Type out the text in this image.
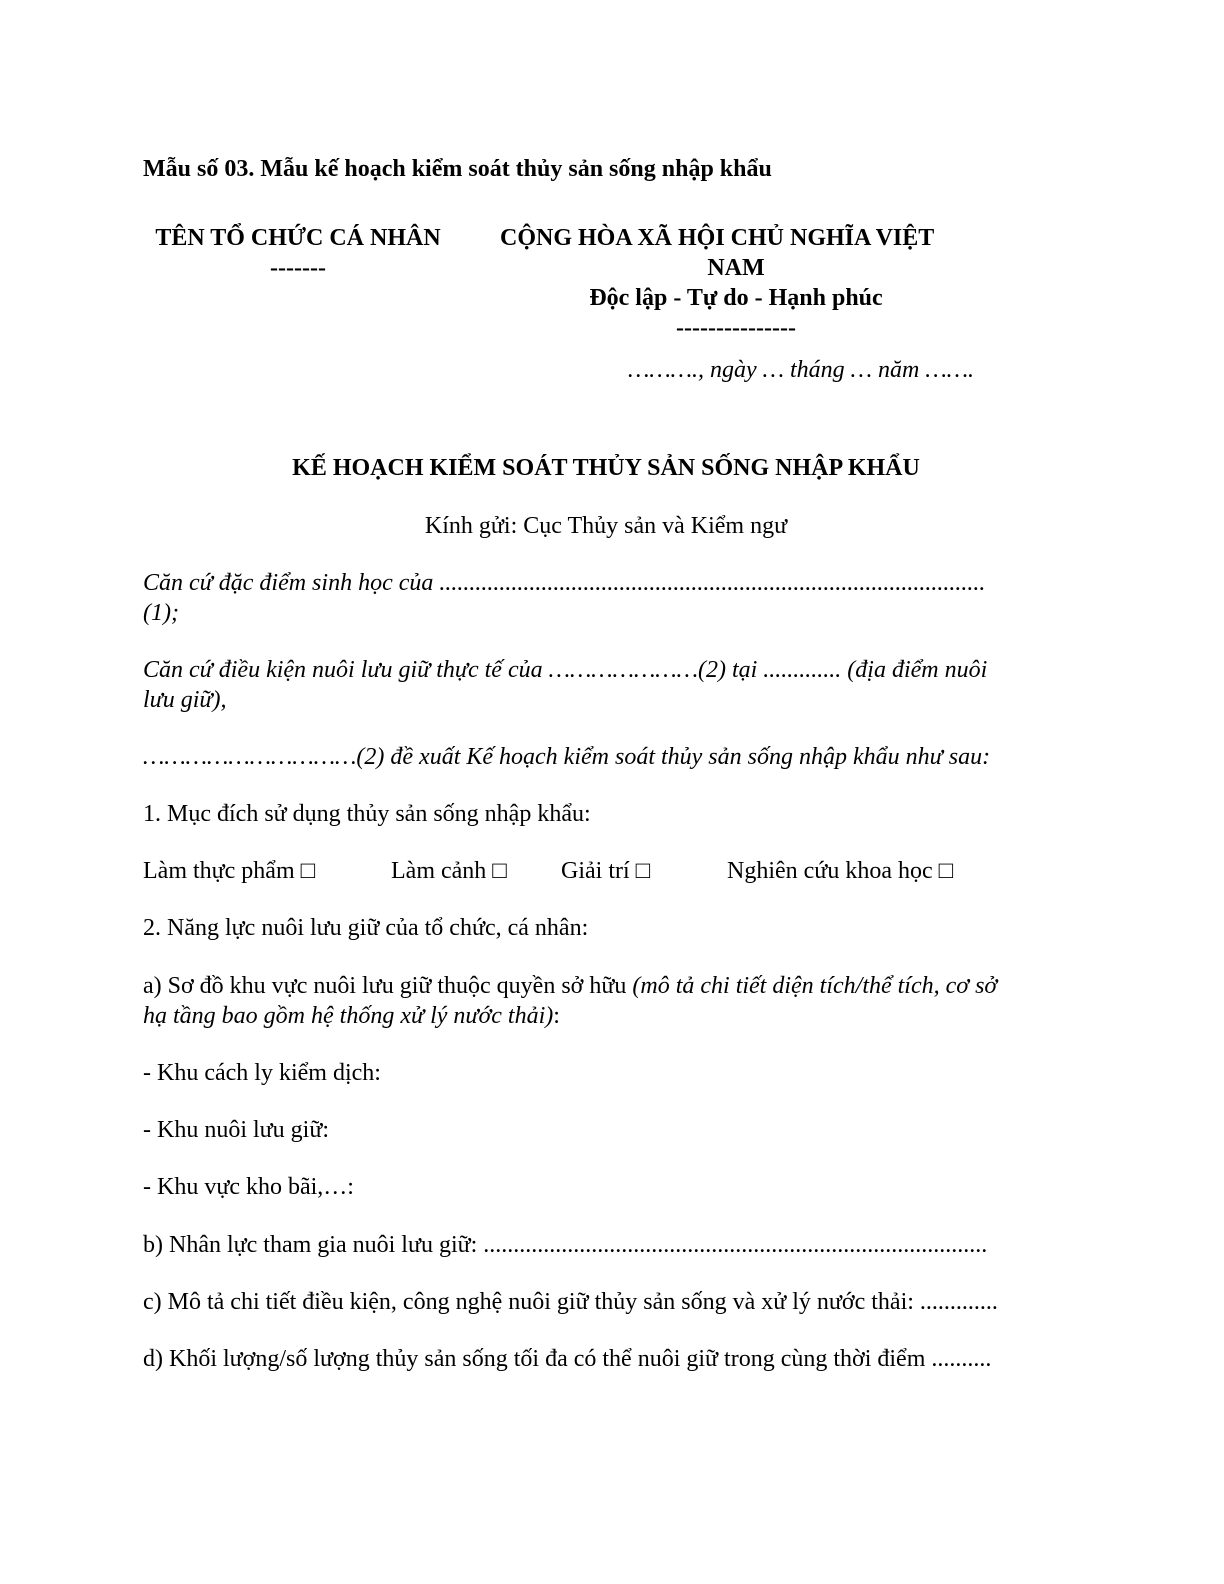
Mẫu số 03. Mẫu kế hoạch kiểm soát thủy sản sống nhập khẩu
TÊN TỔ CHỨC CÁ NHÂN
-------
CỘNG HÒA XÃ HỘI CHỦ NGHĨA VIỆT
NAM
Độc lập - Tự do - Hạnh phúc
---------------
………., ngày … tháng … năm …….
KẾ HOẠCH KIỂM SOÁT THỦY SẢN SỐNG NHẬP KHẨU
Kính gửi: Cục Thủy sản và Kiểm ngư
Căn cứ đặc điểm sinh học của ...........................................................................................
(1);
Căn cứ điều kiện nuôi lưu giữ thực tế của …………………(2) tại ............. (địa điểm nuôi
lưu giữ),
…………………………(2) đề xuất Kế hoạch kiểm soát thủy sản sống nhập khẩu như sau:
1. Mục đích sử dụng thủy sản sống nhập khẩu:
Làm thực phẩm □	Làm cảnh □ Giải trí □	Nghiên cứu khoa học □
2. Năng lực nuôi lưu giữ của tổ chức, cá nhân:
a) Sơ đồ khu vực nuôi lưu giữ thuộc quyền sở hữu (mô tả chi tiết diện tích/thể tích, cơ sở
hạ tầng bao gồm hệ thống xử lý nước thải):
- Khu cách ly kiểm dịch:
- Khu nuôi lưu giữ:
- Khu vực kho bãi,…:
b) Nhân lực tham gia nuôi lưu giữ: ....................................................................................
c) Mô tả chi tiết điều kiện, công nghệ nuôi giữ thủy sản sống và xử lý nước thải: .............
d) Khối lượng/số lượng thủy sản sống tối đa có thể nuôi giữ trong cùng thời điểm ..........
